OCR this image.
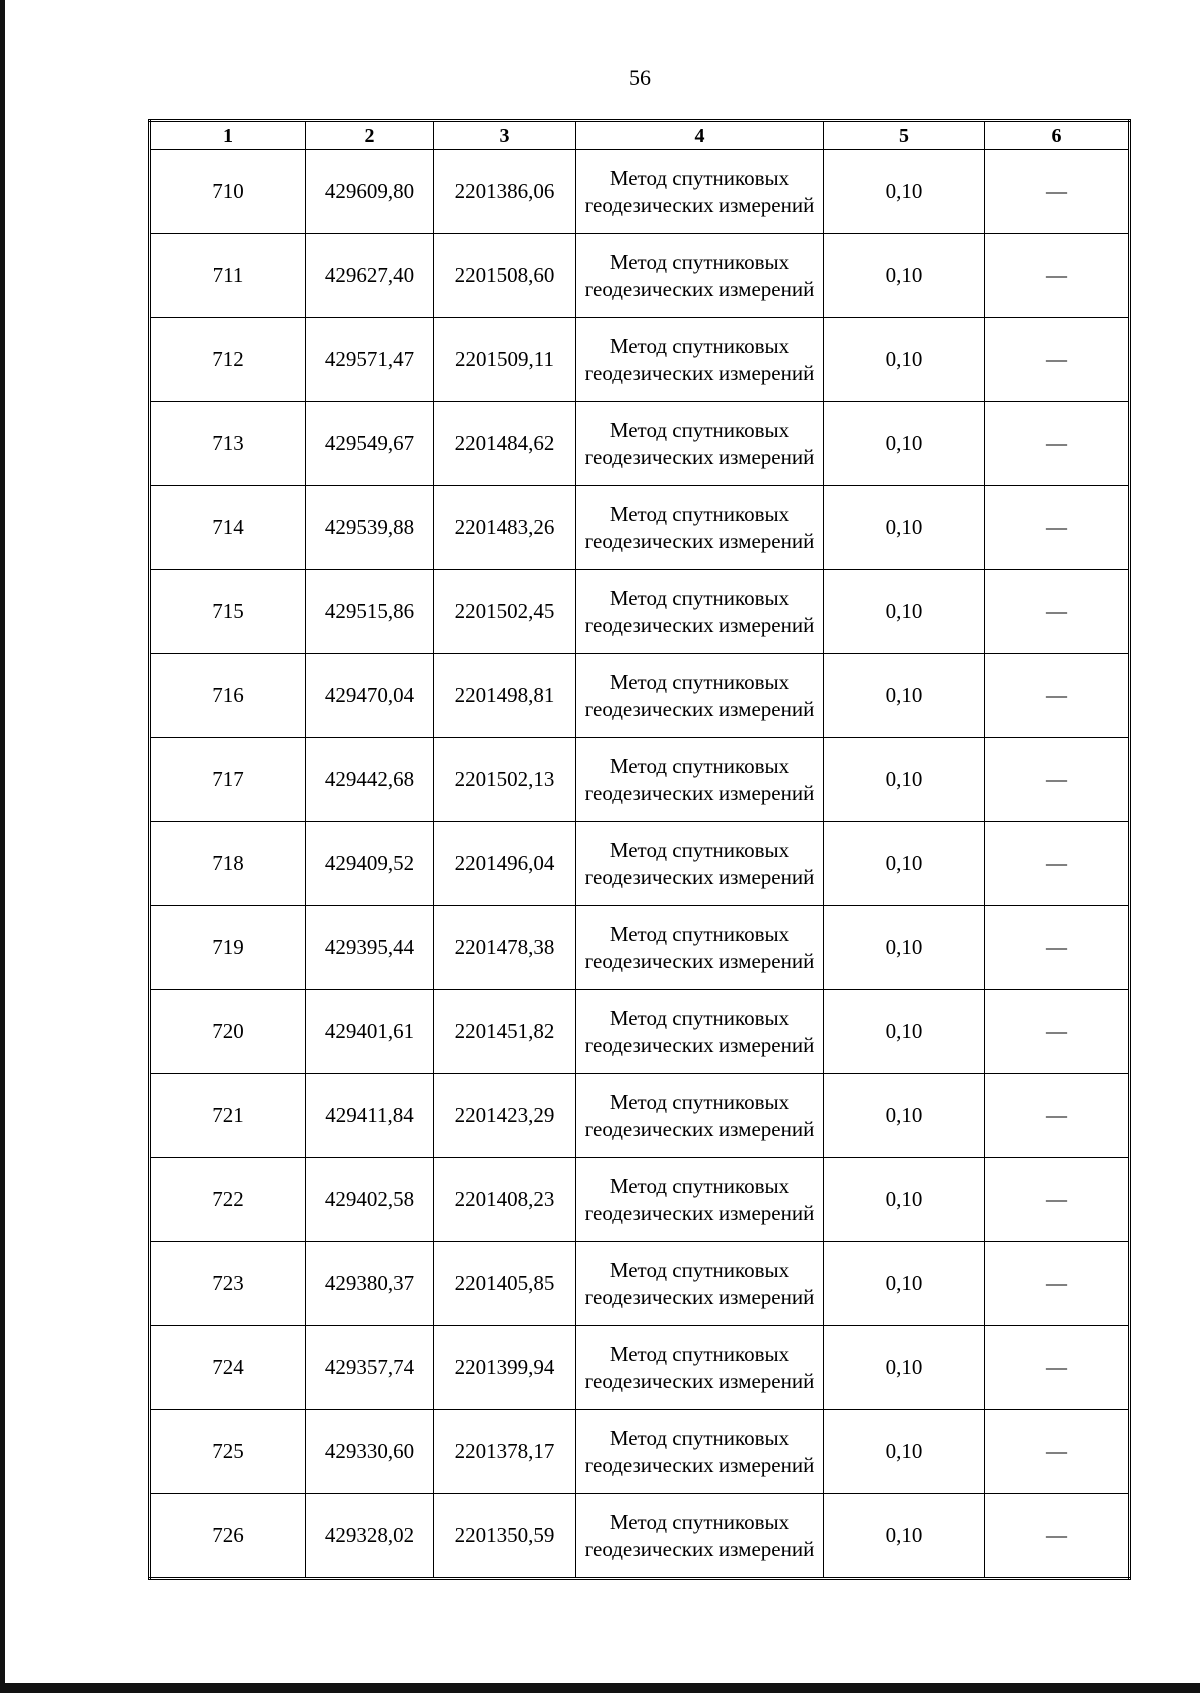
56
1	2	3	4	5	6
710	429609,80	2201386,06	Метод спутниковых геодезических измерений	0,10	—
711	429627,40	2201508,60	Метод спутниковых геодезических измерений	0,10	—
712	429571,47	2201509,11	Метод спутниковых геодезических измерений	0,10	—
713	429549,67	2201484,62	Метод спутниковых геодезических измерений	0,10	—
714	429539,88	2201483,26	Метод спутниковых геодезических измерений	0,10	—
715	429515,86	2201502,45	Метод спутниковых геодезических измерений	0,10	—
716	429470,04	2201498,81	Метод спутниковых геодезических измерений	0,10	—
717	429442,68	2201502,13	Метод спутниковых геодезических измерений	0,10	—
718	429409,52	2201496,04	Метод спутниковых геодезических измерений	0,10	—
719	429395,44	2201478,38	Метод спутниковых геодезических измерений	0,10	—
720	429401,61	2201451,82	Метод спутниковых геодезических измерений	0,10	—
721	429411,84	2201423,29	Метод спутниковых геодезических измерений	0,10	—
722	429402,58	2201408,23	Метод спутниковых геодезических измерений	0,10	—
723	429380,37	2201405,85	Метод спутниковых геодезических измерений	0,10	—
724	429357,74	2201399,94	Метод спутниковых геодезических измерений	0,10	—
725	429330,60	2201378,17	Метод спутниковых геодезических измерений	0,10	—
726	429328,02	2201350,59	Метод спутниковых геодезических измерений	0,10	—
